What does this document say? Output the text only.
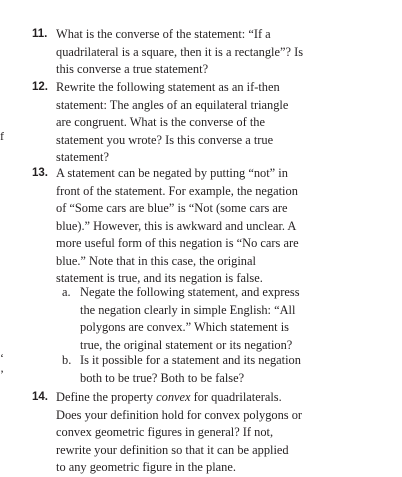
f
‘
’
11. What is the converse of the statement: “If a
quadrilateral is a square, then it is a rectangle”? Is
this converse a true statement?
12. Rewrite the following statement as an if-then
statement: The angles of an equilateral triangle
are congruent. What is the converse of the
statement you wrote? Is this converse a true
statement?
13. A statement can be negated by putting “not” in
front of the statement. For example, the negation
of “Some cars are blue” is “Not (some cars are
blue).” However, this is awkward and unclear. A
more useful form of this negation is “No cars are
blue.” Note that in this case, the original
statement is true, and its negation is false.
a. Negate the following statement, and express
the negation clearly in simple English: “All
polygons are convex.” Which statement is
true, the original statement or its negation?
b. Is it possible for a statement and its negation
both to be true? Both to be false?
14. Define the property convex for quadrilaterals.
Does your definition hold for convex polygons or
convex geometric figures in general? If not,
rewrite your definition so that it can be applied
to any geometric figure in the plane.
